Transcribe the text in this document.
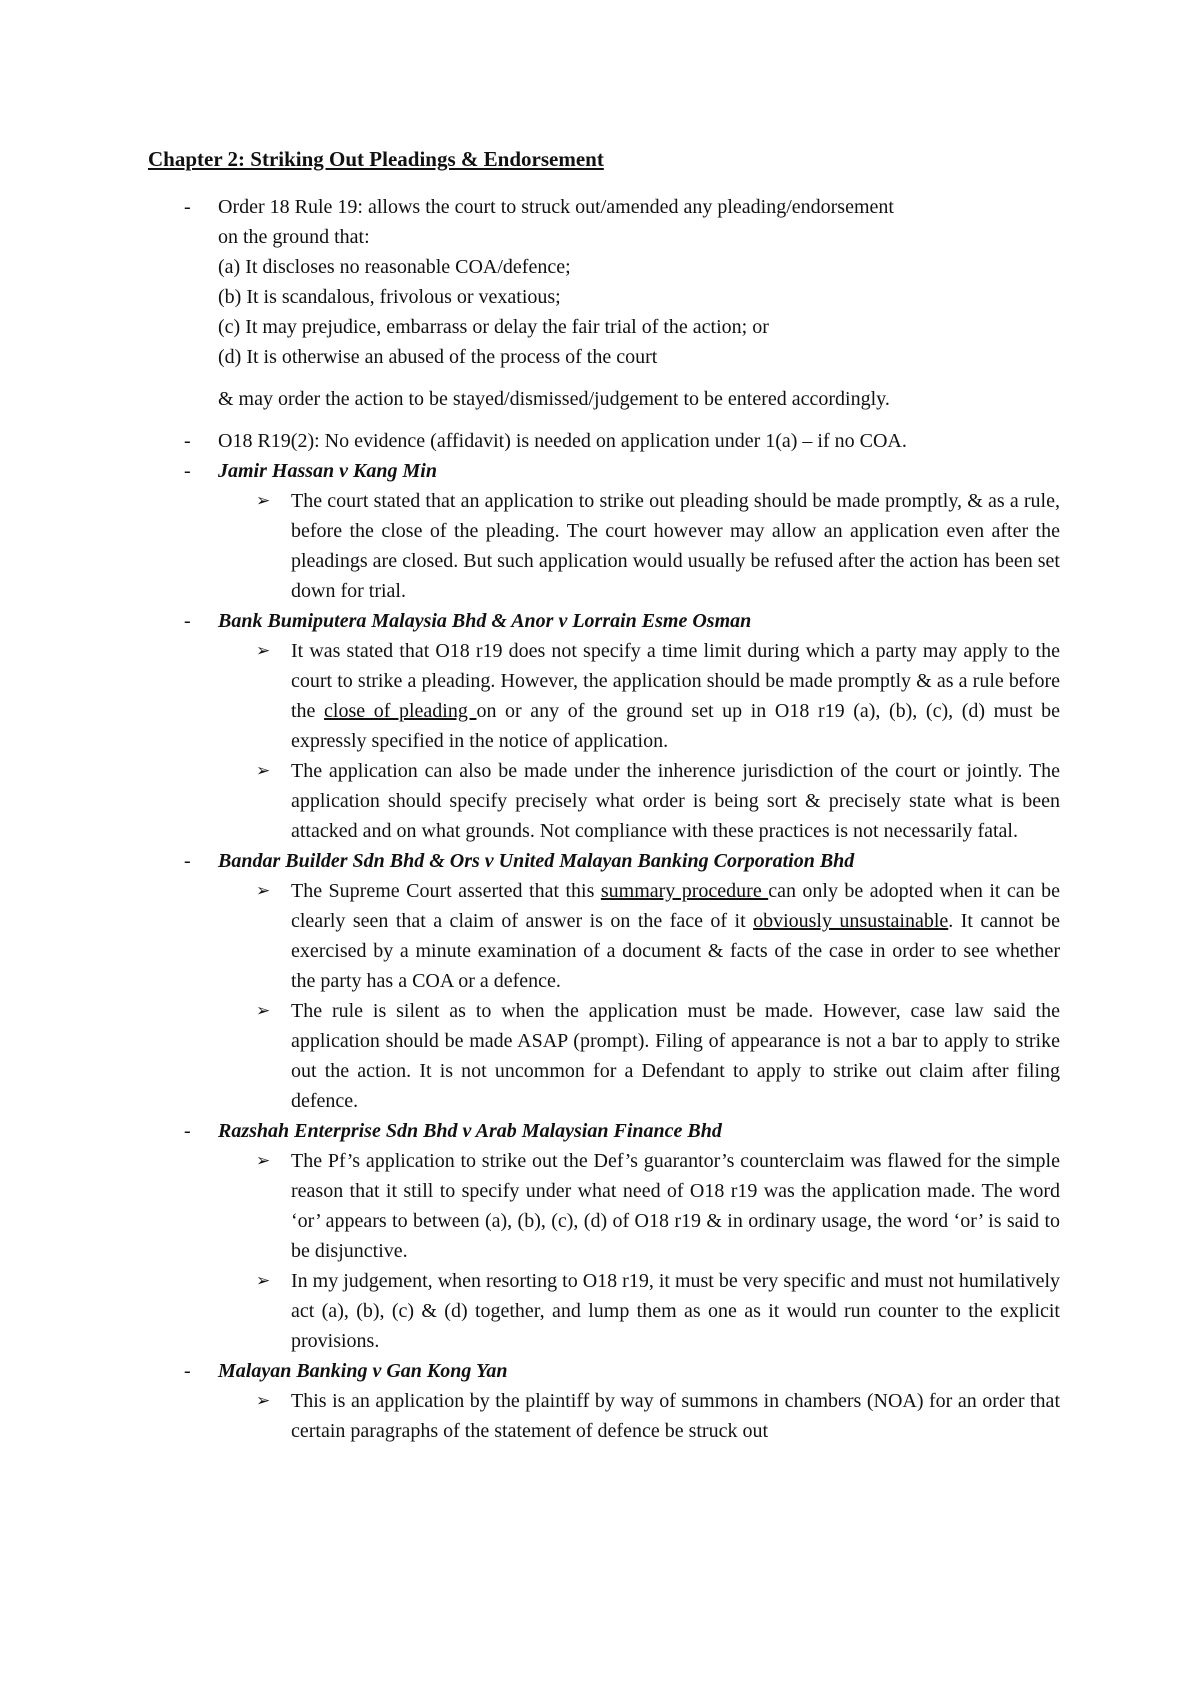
Chapter 2: Striking Out Pleadings & Endorsement
- Order 18 Rule 19: allows the court to struck out/amended any pleading/endorsement
on the ground that:
(a) It discloses no reasonable COA/defence;
(b) It is scandalous, frivolous or vexatious;
(c) It may prejudice, embarrass or delay the fair trial of the action; or
(d) It is otherwise an abused of the process of the court
& may order the action to be stayed/dismissed/judgement to be entered accordingly.
- O18 R19(2): No evidence (affidavit) is needed on application under 1(a) – if no COA.
- Jamir Hassan v Kang Min
➢ The court stated that an application to strike out pleading should be made promptly, & as a rule, before the close of the pleading. The court however may allow an application even after the pleadings are closed. But such application would usually be refused after the action has been set down for trial.
- Bank Bumiputera Malaysia Bhd & Anor v Lorrain Esme Osman
➢ It was stated that O18 r19 does not specify a time limit during which a party may apply to the court to strike a pleading. However, the application should be made promptly & as a rule before the close of pleading on or any of the ground set up in O18 r19 (a), (b), (c), (d) must be expressly specified in the notice of application.
➢ The application can also be made under the inherence jurisdiction of the court or jointly. The application should specify precisely what order is being sort & precisely state what is been attacked and on what grounds. Not compliance with these practices is not necessarily fatal.
- Bandar Builder Sdn Bhd & Ors v United Malayan Banking Corporation Bhd
➢ The Supreme Court asserted that this summary procedure can only be adopted when it can be clearly seen that a claim of answer is on the face of it obviously unsustainable. It cannot be exercised by a minute examination of a document & facts of the case in order to see whether the party has a COA or a defence.
➢ The rule is silent as to when the application must be made. However, case law said the application should be made ASAP (prompt). Filing of appearance is not a bar to apply to strike out the action. It is not uncommon for a Defendant to apply to strike out claim after filing defence.
- Razshah Enterprise Sdn Bhd v Arab Malaysian Finance Bhd
➢ The Pf’s application to strike out the Def’s guarantor’s counterclaim was flawed for the simple reason that it still to specify under what need of O18 r19 was the application made. The word ‘or’ appears to between (a), (b), (c), (d) of O18 r19 & in ordinary usage, the word ‘or’ is said to be disjunctive.
➢ In my judgement, when resorting to O18 r19, it must be very specific and must not humilatively act (a), (b), (c) & (d) together, and lump them as one as it would run counter to the explicit provisions.
- Malayan Banking v Gan Kong Yan
➢ This is an application by the plaintiff by way of summons in chambers (NOA) for an order that certain paragraphs of the statement of defence be struck out
